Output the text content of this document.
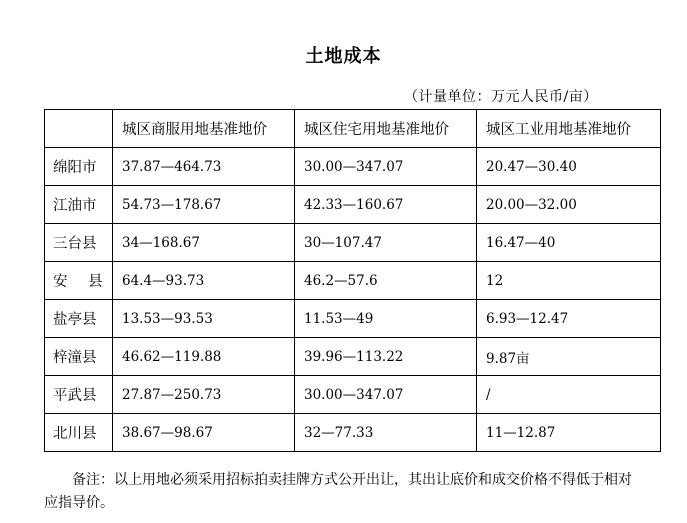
土地成本
（计量单位：万元人民币/亩）
	城区商服用地基准地价	城区住宅用地基准地价	城区工业用地基准地价
绵阳市	37.87—464.73	30.00—347.07	20.47—30.40
江油市	54.73—178.67	42.33—160.67	20.00—32.00
三台县	34—168.67	30—107.47	16.47—40
安 县	64.4—93.73	46.2—57.6	12
盐亭县	13.53—93.53	11.53—49	6.93—12.47
梓潼县	46.62—119.88	39.96—113.22	9.87亩
平武县	27.87—250.73	30.00—347.07	/
北川县	38.67—98.67	32—77.33	11—12.87
备注：以上用地必须采用招标拍卖挂牌方式公开出让，其出让底价和成交价格不得低于相对应指导价。
